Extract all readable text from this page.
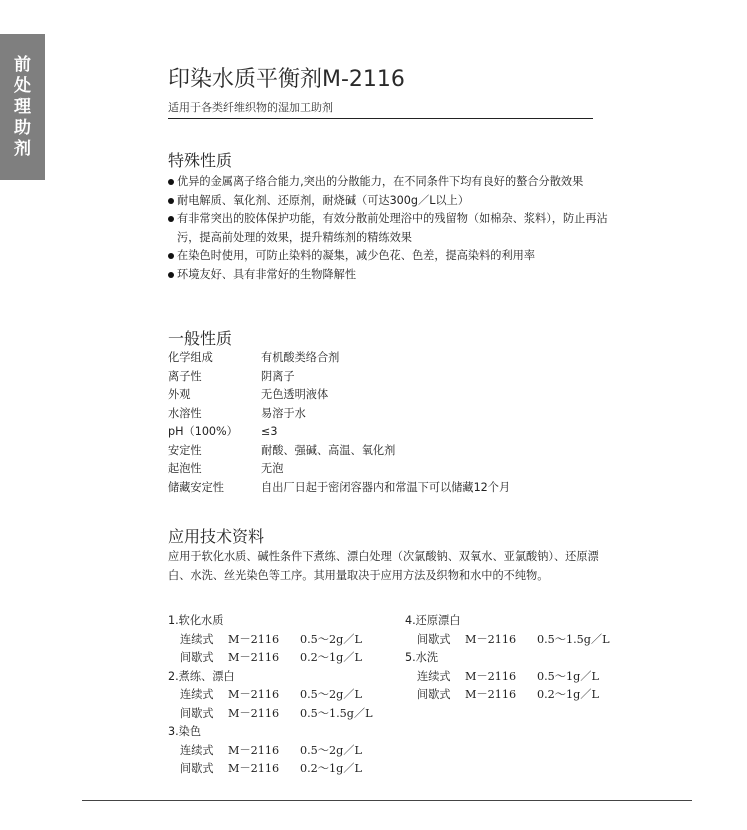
前
处
理
助
剂
印染水质平衡剂M-2116
适用于各类纤维织物的湿加工助剂
特殊性质
优异的金属离子络合能力,突出的分散能力，在不同条件下均有良好的螯合分散效果
耐电解质、氧化剂、还原剂，耐烧碱（可达300g／L以上）
有非常突出的胶体保护功能，有效分散前处理浴中的残留物（如棉杂、浆料），防止再沾污，提高前处理的效果，提升精练剂的精练效果
在染色时使用，可防止染料的凝集，减少色花、色差，提高染料的利用率
环境友好、具有非常好的生物降解性
一般性质
化学组成	有机酸类络合剂
离子性	阴离子
外观	无色透明液体
水溶性	易溶于水
pH（100%）	≤3
安定性	耐酸、强碱、高温、氧化剂
起泡性	无泡
储藏安定性	自出厂日起于密闭容器内和常温下可以储藏12个月
应用技术资料
应用于软化水质、碱性条件下煮练、漂白处理（次氯酸钠、双氧水、亚氯酸钠）、还原漂白、水洗、丝光染色等工序。其用量取决于应用方法及织物和水中的不纯物。
1.软化水质
连续式	M－2116	0.5～2g／L
间歇式	M－2116	0.2～1g／L
2.煮练、漂白
连续式	M－2116	0.5～2g／L
间歇式	M－2116	0.5～1.5g／L
3.染色
连续式	M－2116	0.5～2g／L
间歇式	M－2116	0.2～1g／L
4.还原漂白
间歇式	M－2116	0.5～1.5g／L
5.水洗
连续式	M－2116	0.5～1g／L
间歇式	M－2116	0.2～1g／L
